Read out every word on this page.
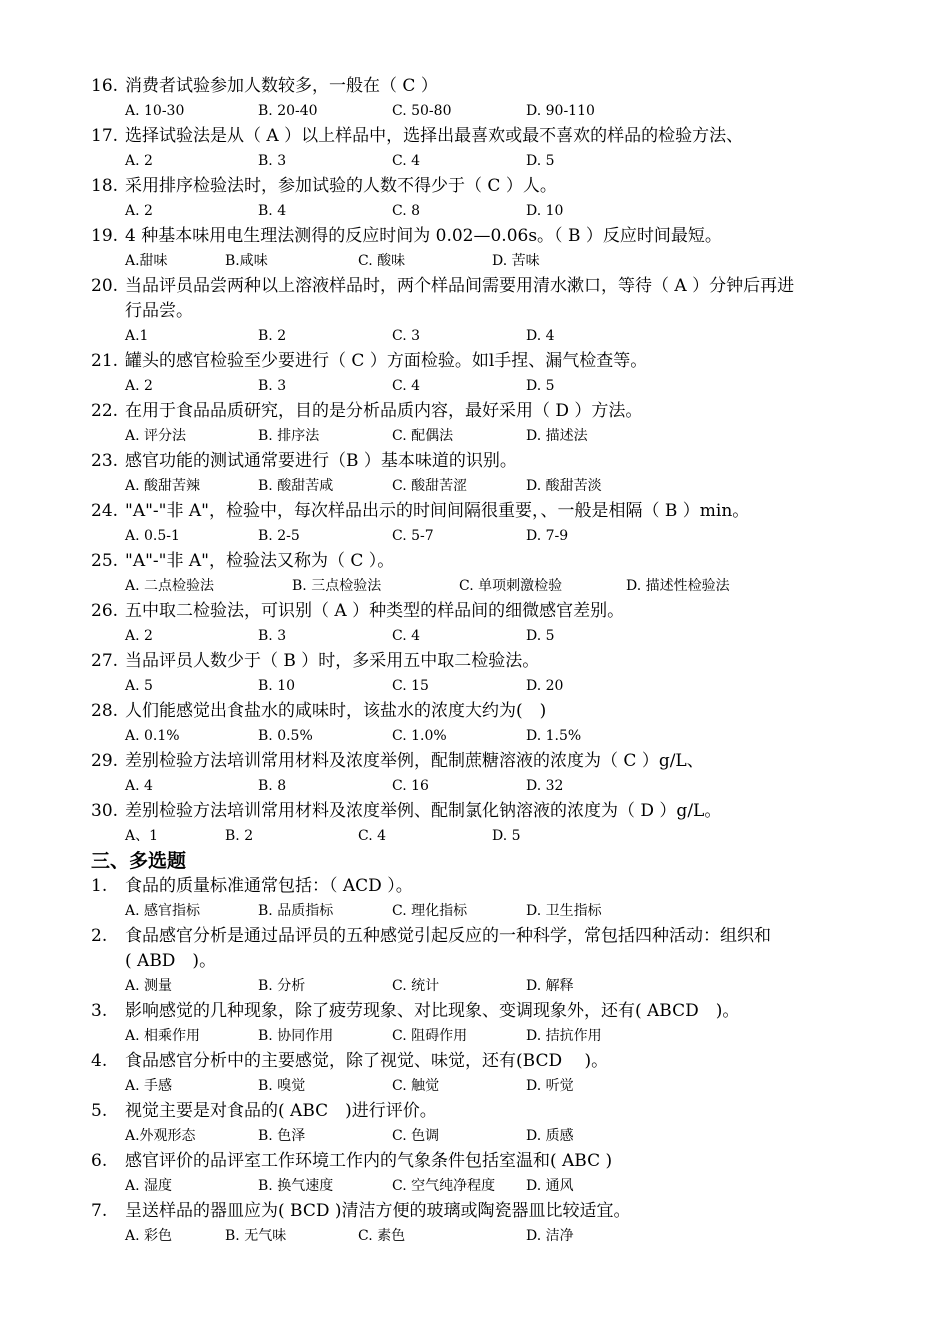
16. 消费者试验参加人数较多，一般在（ C ）
A. 10-30	B. 20-40	C. 50-80	D. 90-110
17. 选择试验法是从（ A ）以上样品中，选择出最喜欢或最不喜欢的样品的检验方法、
A. 2	B. 3	C. 4	D. 5
18. 采用排序检验法时，参加试验的人数不得少于（ C ）人。
A. 2	B. 4	C. 8	D. 10
19. 4 种基本味用电生理法测得的反应时间为 0.02—0.06s。（ B ）反应时间最短。
A.甜味	B.咸味	C. 酸味	D. 苦味
20. 当品评员品尝两种以上溶液样品时，两个样品间需要用清水漱口，等待（ A ）分钟后再进
行品尝。
A.1	B. 2	C. 3	D. 4
21. 罐头的感官检验至少要进行（ C ）方面检验。如l手捏、漏气检查等。
A. 2	B. 3	C. 4	D. 5
22. 在用于食品品质研究，目的是分析品质内容，最好采用（ D ）方法。
A. 评分法	B. 排序法	C. 配偶法	D. 描述法
23. 感官功能的测试通常要进行（B ）基本味道的识别。
A. 酸甜苦辣	B. 酸甜苦咸	C. 酸甜苦涩	D. 酸甜苦淡
24. "A"-"非 A"，检验中，每次样品出示的时间间隔很重要，、一般是相隔（ B ）min。
A. 0.5-1	B. 2-5	C. 5-7	D. 7-9
25. "A"-"非 A"，检验法又称为（ C ）。
A. 二点检验法	B. 三点检验法	C. 单项刺激检验	D. 描述性检验法
26. 五中取二检验法，可识别（ A ）种类型的样品间的细微感官差别。
A. 2	B. 3	C. 4	D. 5
27. 当品评员人数少于（ B ）时，多采用五中取二检验法。
A. 5	B. 10	C. 15	D. 20
28. 人们能感觉出食盐水的咸味时，该盐水的浓度大约为(　)
A. 0.1%	B. 0.5%	C. 1.0%	D. 1.5%
29. 差别检验方法培训常用材料及浓度举例，配制蔗糖溶液的浓度为（ C ）g/L、
A. 4	B. 8	C. 16	D. 32
30. 差别检验方法培训常用材料及浓度举例、配制氯化钠溶液的浓度为（ D ）g/L。
A、1	B. 2	C. 4	D. 5
三、多选题
1. 食品的质量标准通常包括：（ ACD ）。
A. 感官指标	B. 品质指标	C. 理化指标	D. 卫生指标
2. 食品感官分析是通过品评员的五种感觉引起反应的一种科学，常包括四种活动：组织和
( ABD　)。
A. 测量	B. 分析	C. 统计	D. 解释
3. 影响感觉的几种现象，除了疲劳现象、对比现象、变调现象外，还有( ABCD　)。
A. 相乘作用	B. 协同作用	C. 阻碍作用	D. 拮抗作用
4. 食品感官分析中的主要感觉，除了视觉、味觉，还有(BCD　 )。
A. 手感	B. 嗅觉	C. 触觉	D. 听觉
5. 视觉主要是对食品的( ABC　)进行评价。
A.外观形态	B. 色泽	C. 色调	D. 质感
6. 感官评价的品评室工作环境工作内的气象条件包括室温和( ABC )
A. 湿度	B. 换气速度	C. 空气纯净程度 D. 通风
7. 呈送样品的器皿应为( BCD )清洁方便的玻璃或陶瓷器皿比较适宜。
A. 彩色	B. 无气味	C. 素色	D. 洁净
